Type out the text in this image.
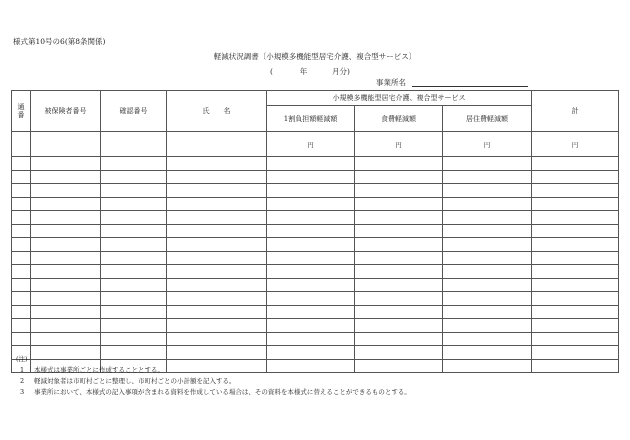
様式第10号の6(第8条関係)
軽減状況調書〔小規模多機能型居宅介護、複合型サービス〕
(	年	月分)
事業所名
通
番	被保険者番号	確認番号	氏　　名	小規模多機能型居宅介護、複合型サービス			計
				1割負担額軽減額	食費軽減額	居住費軽減額	
				円	円	円	円

(注)
1 本様式は事業所ごとに作成することとする。
2 軽減対象者は市町村ごとに整理し、市町村ごとの小計額を記入する。
3 事業所において、本様式の記入事項が含まれる資料を作成している場合は、その資料を本様式に替えることができるものとする。
